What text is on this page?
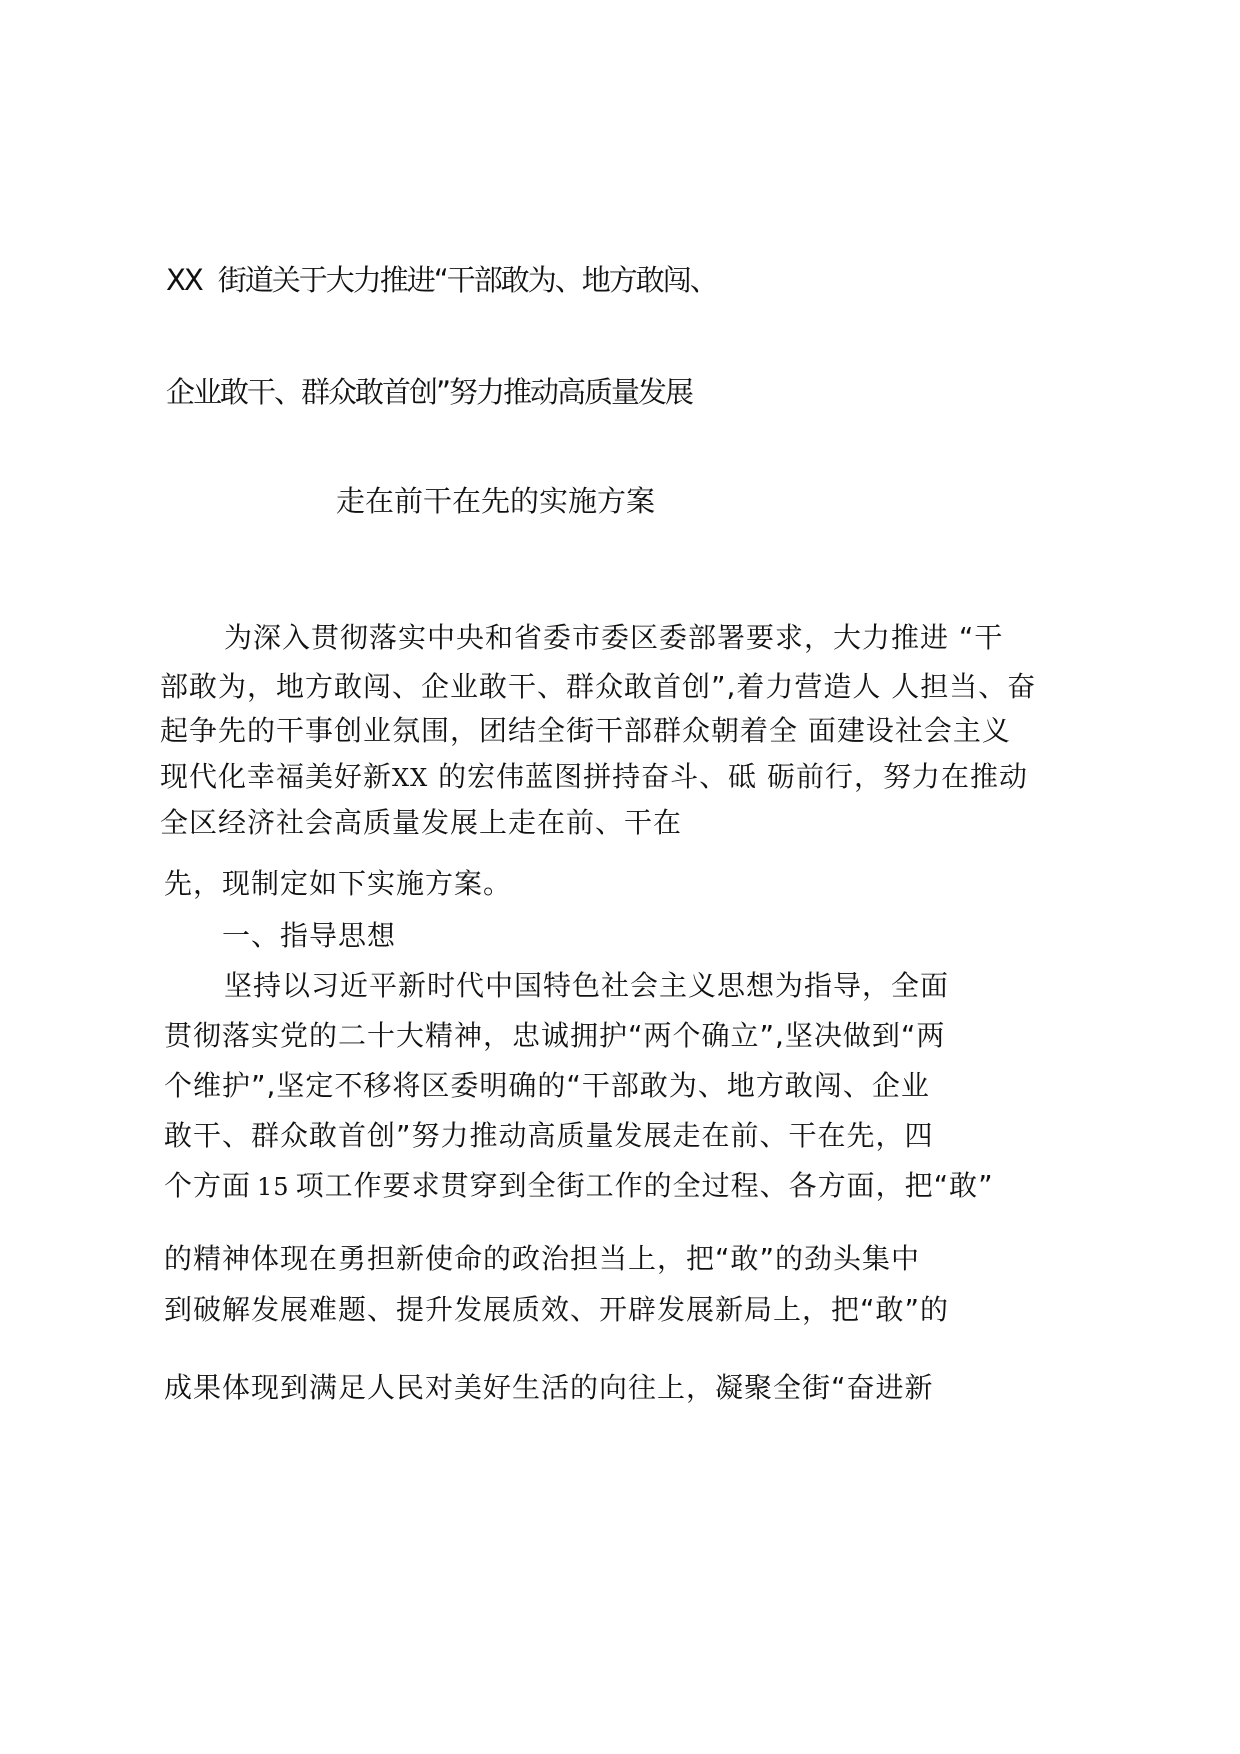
XX 街道关于大力推进“干部敢为、地方敢闯、
企业敢干、群众敢首创”努力推动高质量发展
走在前干在先的实施方案
为深入贯彻落实中央和省委市委区委部署要求，大力推进 “干
部敢为，地方敢闯、企业敢干、群众敢首创”,着力营造人 人担当、奋
起争先的干事创业氛围，团结全街干部群众朝着全 面建设社会主义
现代化幸福美好新XX 的宏伟蓝图拼持奋斗、砥 砺前行，努力在推动
全区经济社会高质量发展上走在前、干在
先，现制定如下实施方案。
一、指导思想
坚持以习近平新时代中国特色社会主义思想为指导，全面
贯彻落实党的二十大精神，忠诚拥护“两个确立”,坚决做到“两
个维护”,坚定不移将区委明确的“干部敢为、地方敢闯、企业
敢干、群众敢首创”努力推动高质量发展走在前、干在先，四
个方面 15 项工作要求贯穿到全街工作的全过程、各方面，把“敢”
的精神体现在勇担新使命的政治担当上，把“敢”的劲头集中
到破解发展难题、提升发展质效、开辟发展新局上，把“敢”的
成果体现到满足人民对美好生活的向往上，凝聚全街“奋进新
